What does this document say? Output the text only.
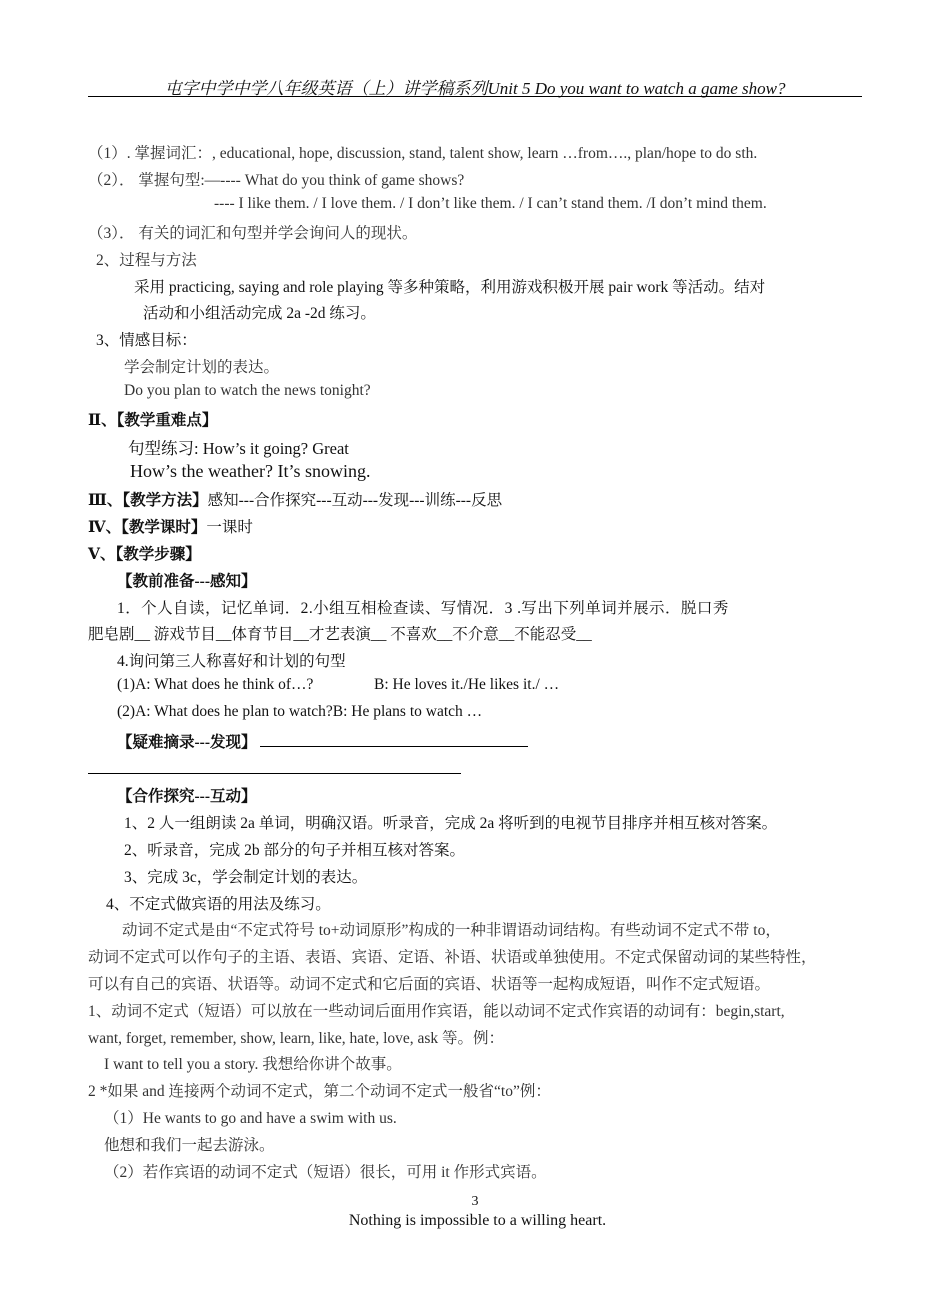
屯字中学中学八年级英语（上）讲学稿系列Unit 5 Do you want to watch a game show?
（1）. 掌握词汇：, educational, hope, discussion, stand, talent show, learn …from…., plan/hope to do sth.
（2）． 掌握句型:—---- What do you think of game shows?
---- I like them. / I love them. / I don’t like them. / I can’t stand them. /I don’t mind them.
（3）． 有关的词汇和句型并学会询问人的现状。
2、过程与方法
采用 practicing, saying and role playing 等多种策略，利用游戏积极开展 pair work 等活动。结对
活动和小组活动完成 2a -2d 练习。
3、情感目标：
学会制定计划的表达。
Do you plan to watch the news tonight?
Ⅱ、【教学重难点】
句型练习: How’s it going? Great
How’s the weather? It’s snowing.
Ⅲ、【教学方法】感知---合作探究---互动---发现---训练---反思
Ⅳ、【教学课时】一课时
Ⅴ、【教学步骤】
【教前准备---感知】
1．个人自读，记忆单词．2.小组互相检查读、写情况．3 .写出下列单词并展示．脱口秀
肥皂剧__ 游戏节目__体育节目__才艺表演__ 不喜欢__不介意__不能忍受__
4.询问第三人称喜好和计划的句型
(1)A: What does he think of…?	B: He loves it./He likes it./ …
(2)A: What does he plan to watch?B: He plans to watch …
【疑难摘录---发现】
【合作探究---互动】
1、2 人一组朗读 2a 单词，明确汉语。听录音，完成 2a 将听到的电视节目排序并相互核对答案。
2、听录音，完成 2b 部分的句子并相互核对答案。
3、完成 3c，学会制定计划的表达。
4、不定式做宾语的用法及练习。
动词不定式是由“不定式符号 to+动词原形”构成的一种非谓语动词结构。有些动词不定式不带 to，
动词不定式可以作句子的主语、表语、宾语、定语、补语、状语或单独使用。不定式保留动词的某些特性，
可以有自己的宾语、状语等。动词不定式和它后面的宾语、状语等一起构成短语，叫作不定式短语。
1、动词不定式（短语）可以放在一些动词后面用作宾语，能以动词不定式作宾语的动词有：begin,start,
want, forget, remember, show, learn, like, hate, love, ask 等。例：
I want to tell you a story. 我想给你讲个故事。
2 *如果 and 连接两个动词不定式，第二个动词不定式一般省“to”例：
（1）He wants to go and have a swim with us.
他想和我们一起去游泳。
（2）若作宾语的动词不定式（短语）很长，可用 it 作形式宾语。
3
Nothing is impossible to a willing heart.
